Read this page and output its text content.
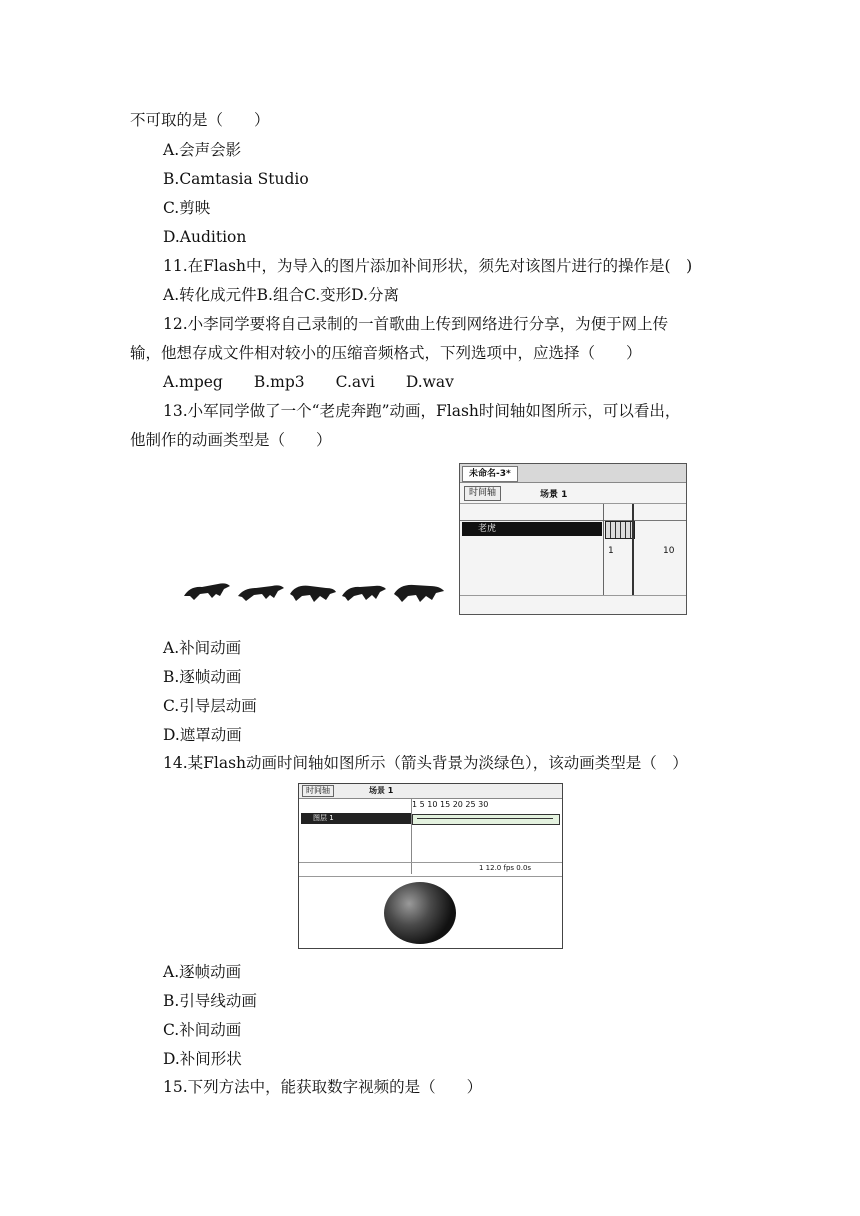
不可取的是（　　）
A.会声会影
B.Camtasia Studio
C.剪映
D.Audition
11.在Flash中，为导入的图片添加补间形状，须先对该图片进行的操作是(　)
A.转化成元件B.组合C.变形D.分离
12.小李同学要将自己录制的一首歌曲上传到网络进行分享，为便于网上传
输，他想存成文件相对较小的压缩音频格式，下列选项中，应选择（　　）
A.mpeg　　B.mp3　　C.avi　　D.wav
13.小军同学做了一个“老虎奔跑”动画，Flash时间轴如图所示，可以看出，
他制作的动画类型是（　　）
未命名-3*
时间轴	场景 1
1	10
老虎
A.补间动画
B.逐帧动画
C.引导层动画
D.遮罩动画
14.某Flash动画时间轴如图所示（箭头背景为淡绿色），该动画类型是（　）
时间轴	场景 1
1 5 10 15 20 25 30
图层 1
1 12.0 fps 0.0s
A.逐帧动画
B.引导线动画
C.补间动画
D.补间形状
15.下列方法中，能获取数字视频的是（　　）
